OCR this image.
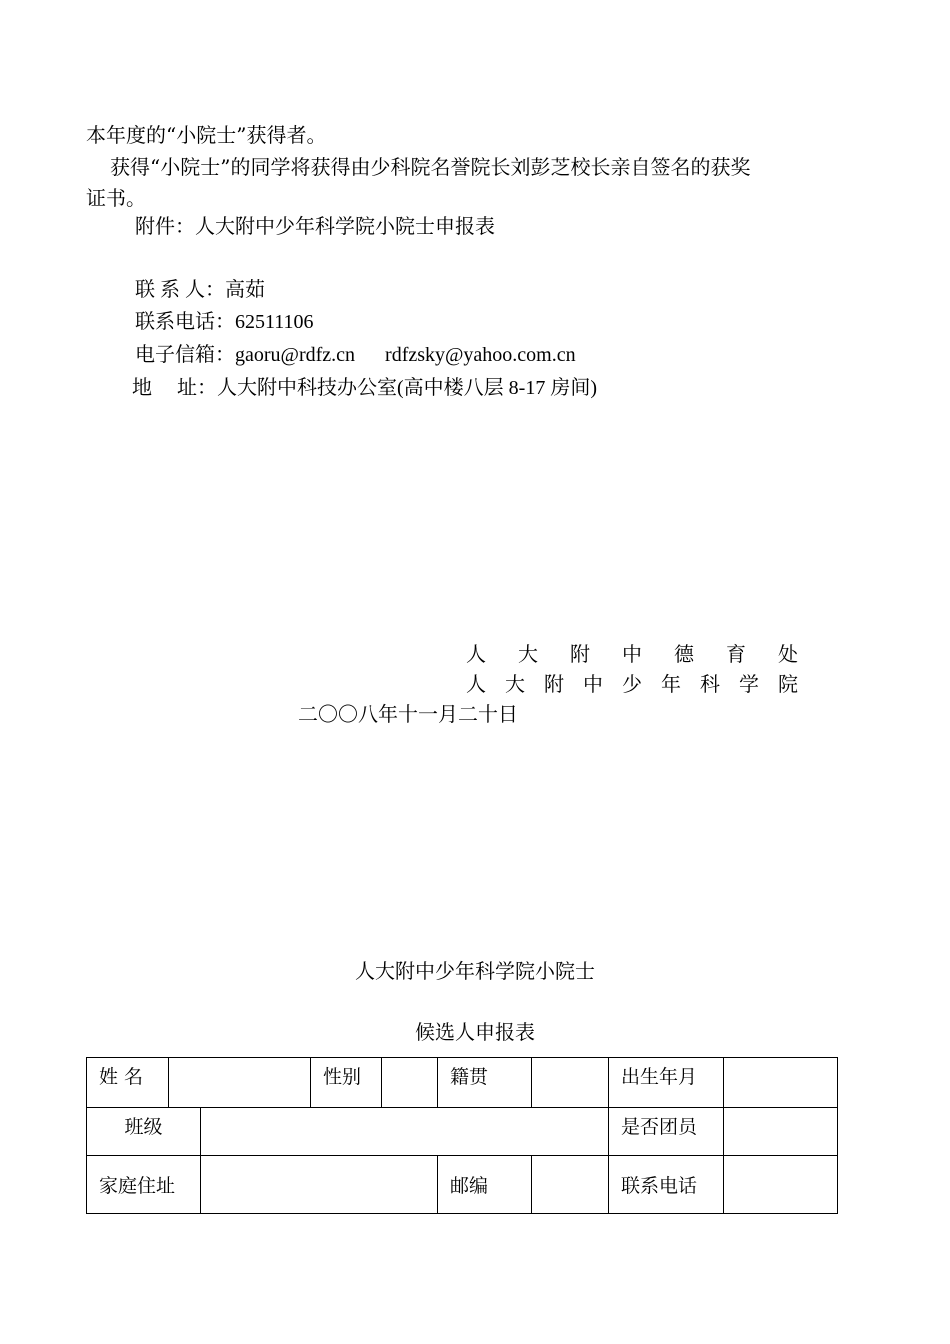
本年度的“小院士”获得者。
获得“小院士”的同学将获得由少科院名誉院长刘彭芝校长亲自签名的获奖
证书。
附件：人大附中少年科学院小院士申报表
联 系 人：高茹
联系电话：62511106
电子信箱：gaoru@rdfz.cn rdfzsky@yahoo.com.cn
地　 址：人大附中科技办公室(高中楼八层 8-17 房间)
人 大 附 中 德 育 处
人 大 附 中 少 年 科 学 院
二〇〇八年十一月二十日
人大附中少年科学院小院士
候选人申报表
姓 名			性别		籍贯		出生年月	
班级							是否团员	
家庭住址					邮编		联系电话	
